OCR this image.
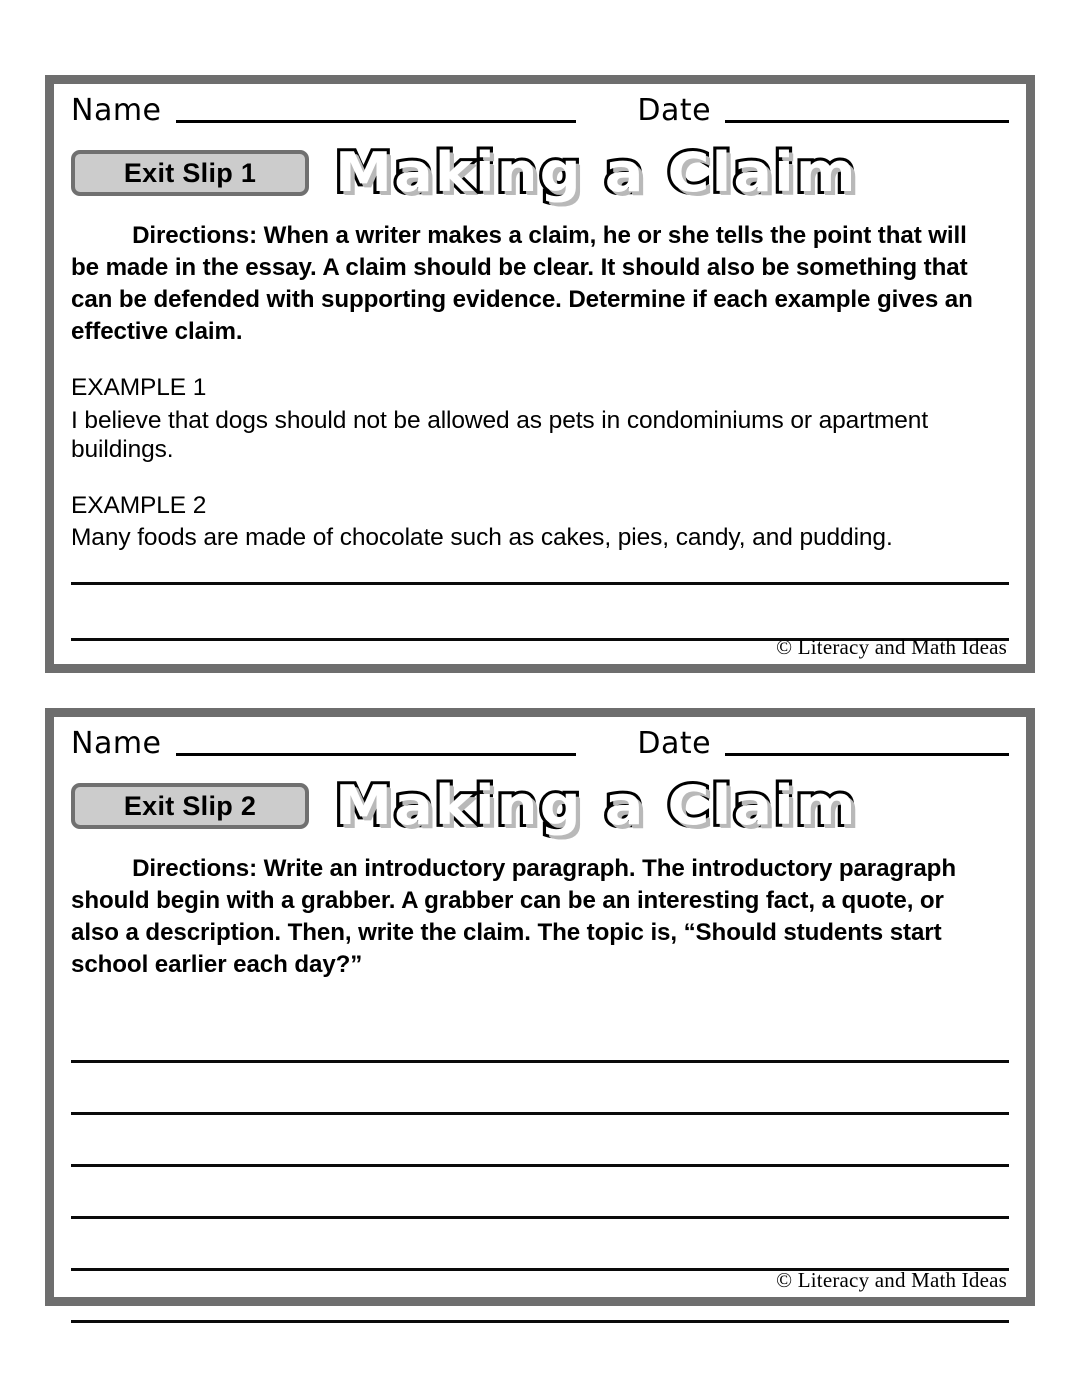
Name	Date
Exit Slip 1 Making a Claim
Directions: When a writer makes a claim, he or she tells the point that will be made in the essay. A claim should be clear. It should also be something that can be defended with supporting evidence. Determine if each example gives an effective claim.
EXAMPLE 1
I believe that dogs should not be allowed as pets in condominiums or apartment buildings.
EXAMPLE 2
Many foods are made of chocolate such as cakes, pies, candy, and pudding.
© Literacy and Math Ideas
Name	Date
Exit Slip 2 Making a Claim
Directions: Write an introductory paragraph. The introductory paragraph should begin with a grabber. A grabber can be an interesting fact, a quote, or also a description. Then, write the claim. The topic is, “Should students start school earlier each day?”
© Literacy and Math Ideas
